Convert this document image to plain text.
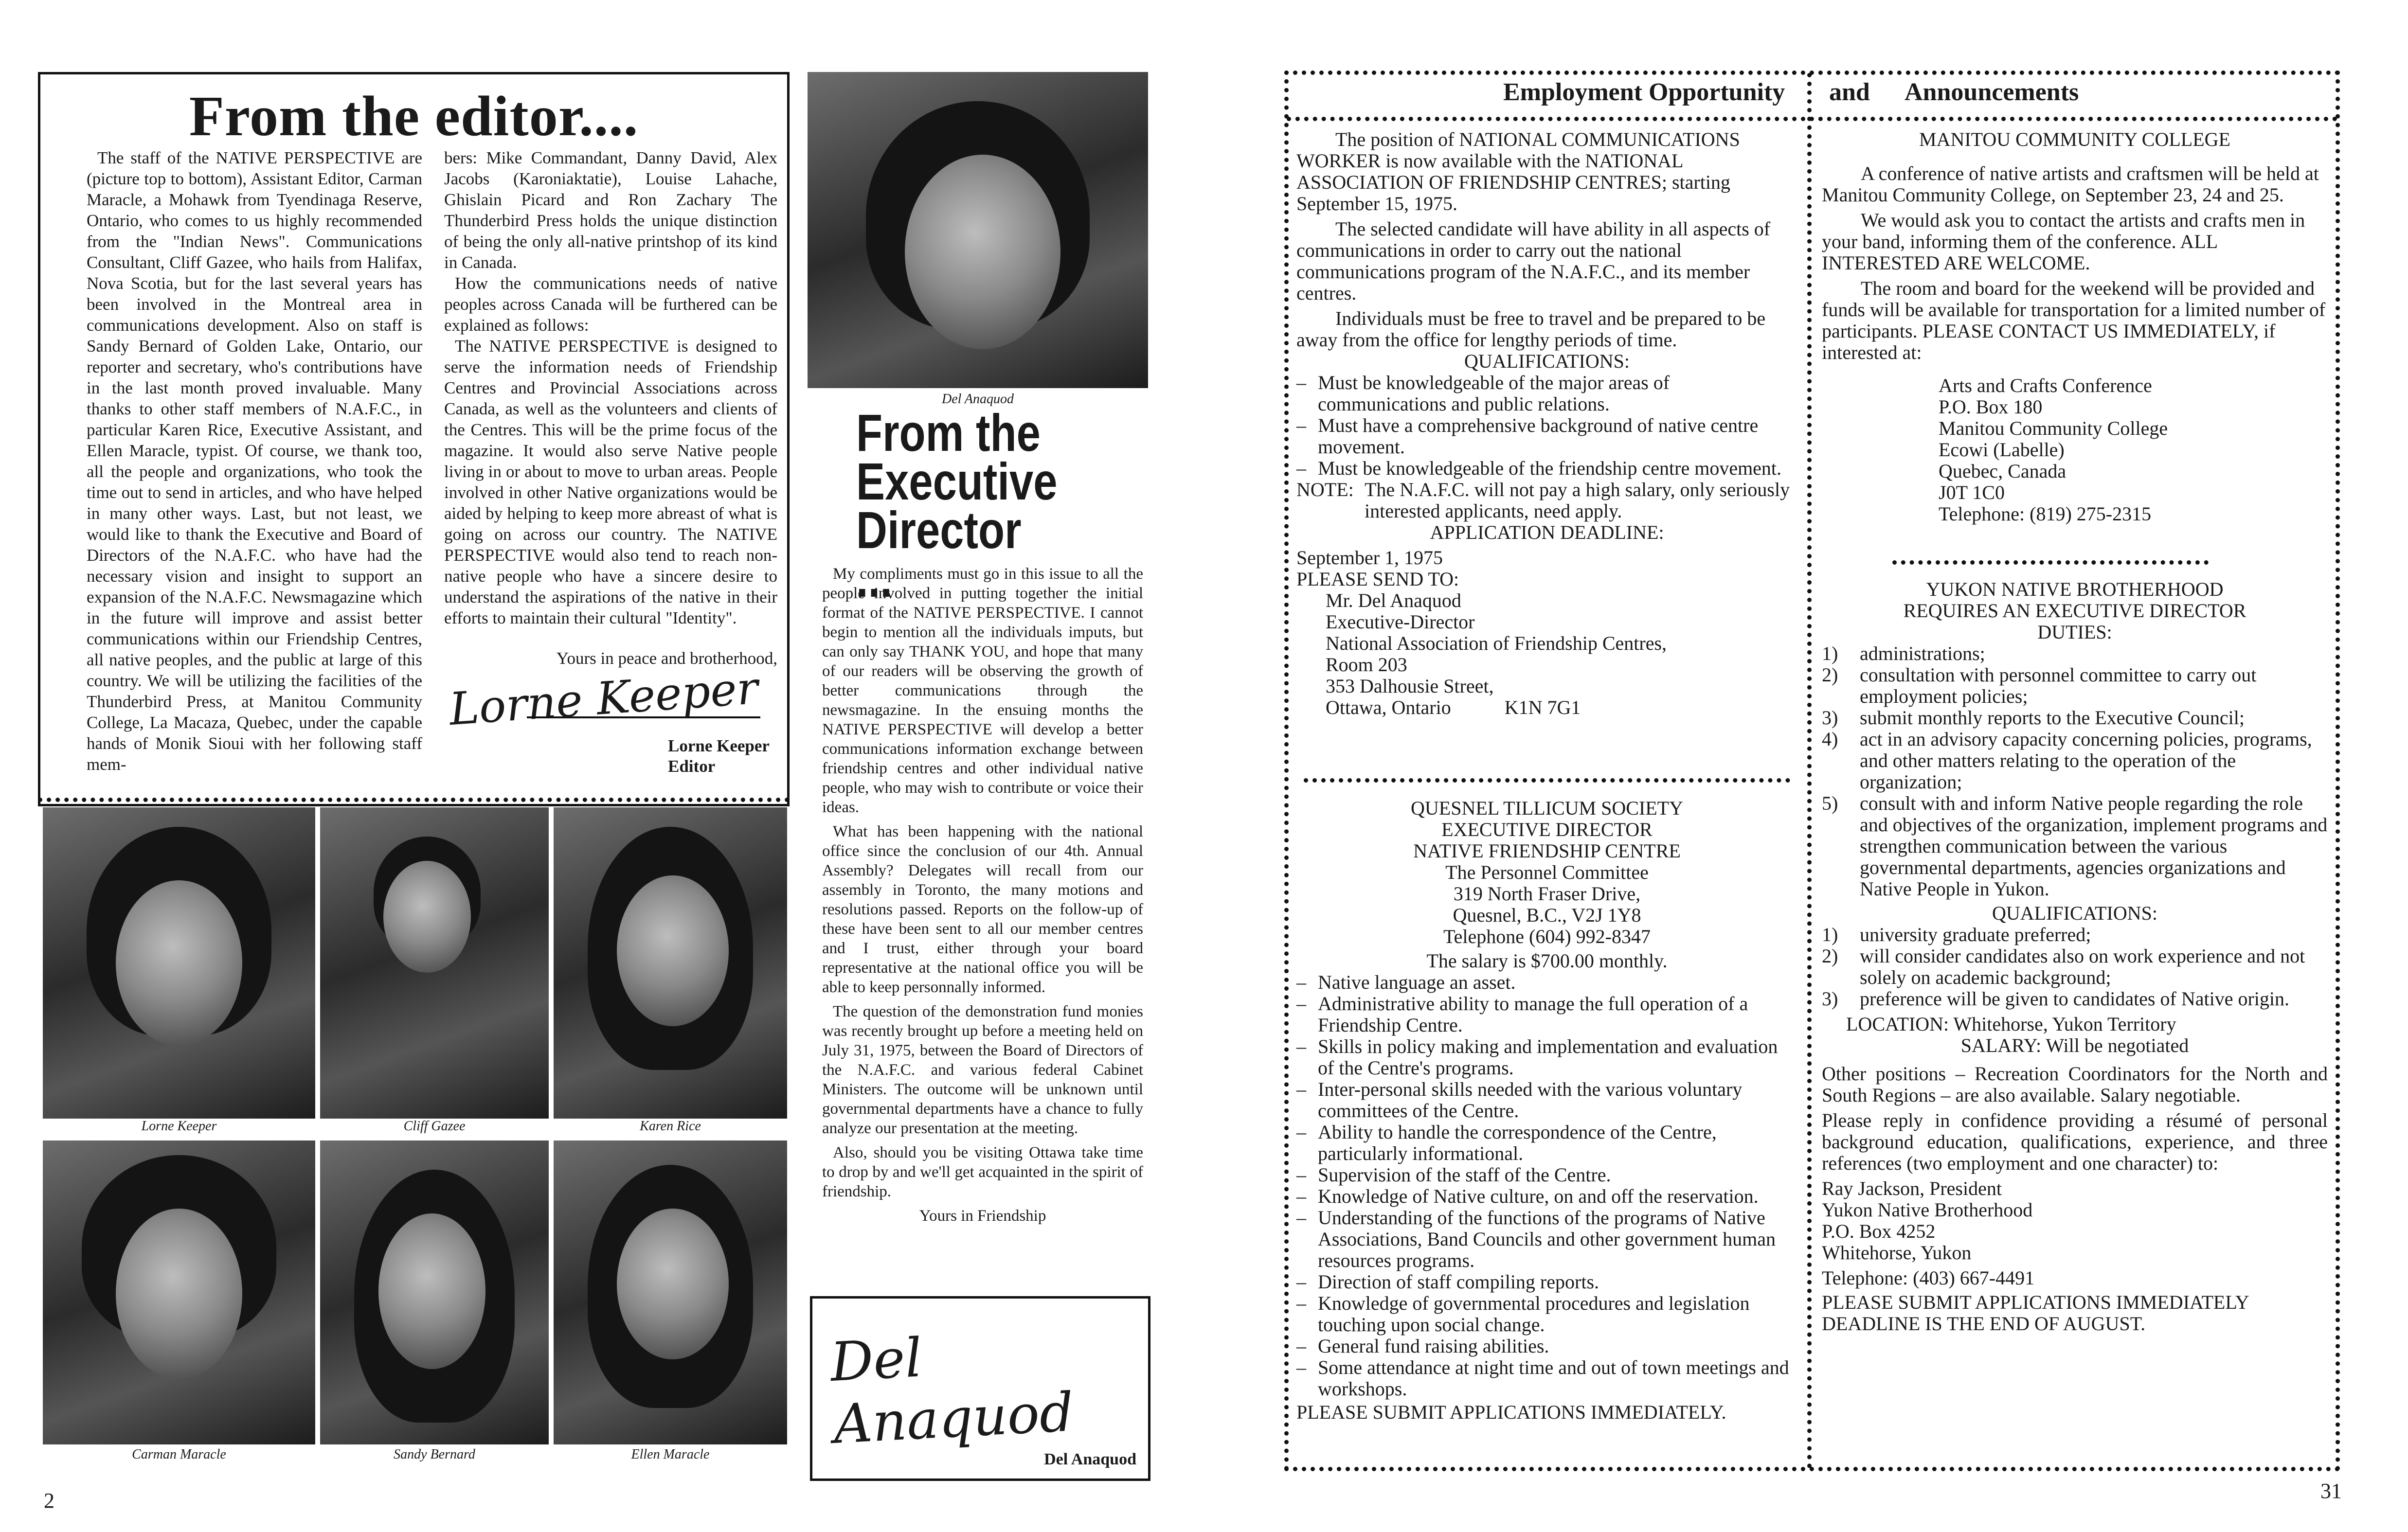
From the editor....

The staff of the NATIVE PERSPECTIVE are (picture top to bottom), Assistant Editor, Carman Maracle, a Mohawk from Tyendinaga Reserve, Ontario, who comes to us highly recommended from the "Indian News". Communications Consultant, Cliff Gazee, who hails from Halifax, Nova Scotia, but for the last several years has been involved in the Montreal area in communications development. Also on staff is Sandy Bernard of Golden Lake, Ontario, our reporter and secretary, who's contributions have in the last month proved invaluable. Many thanks to other staff members of N.A.F.C., in particular Karen Rice, Executive Assistant, and Ellen Maracle, typist. Of course, we thank too, all the people and organizations, who took the time out to send in articles, and who have helped in many other ways. Last, but not least, we would like to thank the Executive and Board of Directors of the N.A.F.C. who have had the necessary vision and insight to support an expansion of the N.A.F.C. Newsmagazine which in the future will improve and assist better communications within our Friendship Centres, all native peoples, and the public at large of this country. We will be utilizing the facilities of the Thunderbird Press, at Manitou Community College, La Macaza, Quebec, under the capable hands of Monik Sioui with her following staff mem-

bers: Mike Commandant, Danny David, Alex Jacobs (Karoniaktatie), Louise Lahache, Ghislain Picard and Ron Zachary The Thunderbird Press holds the unique distinction of being the only all-native printshop of its kind in Canada.

How the communications needs of native peoples across Canada will be furthered can be explained as follows:

The NATIVE PERSPECTIVE is designed to serve the information needs of Friendship Centres and Provincial Associations across Canada, as well as the volunteers and clients of the Centres. This will be the prime focus of the magazine. It would also serve Native people living in or about to move to urban areas. People involved in other Native organizations would be aided by helping to keep more abreast of what is going on across our country. The NATIVE PERSPECTIVE would also tend to reach non-native people who have a sincere desire to understand the aspirations of the native in their efforts to maintain their cultural "Identity".

Yours in peace and brotherhood,

Lorne Keeper
Lorne Keeper
Editor
Lorne Keeper	Cliff Gazee	Karen Rice
Carman Maracle	Sandy Bernard	Ellen Maracle
Del Anaquod
From the
Executive
Director ...

My compliments must go in this issue to all the people involved in putting together the initial format of the NATIVE PERSPECTIVE. I cannot begin to mention all the individuals imputs, but can only say THANK YOU, and hope that many of our readers will be observing the growth of better communications through the newsmagazine. In the ensuing months the NATIVE PERSPECTIVE will develop a better communications information exchange between friendship centres and other individual native people, who may wish to contribute or voice their ideas.

What has been happening with the national office since the conclusion of our 4th. Annual Assembly? Delegates will recall from our assembly in Toronto, the many motions and resolutions passed. Reports on the follow-up of these have been sent to all our member centres and I trust, either through your board representative at the national office you will be able to keep personnally informed.

The question of the demonstration fund monies was recently brought up before a meeting held on July 31, 1975, between the Board of Directors of the N.A.F.C. and various federal Cabinet Ministers. The outcome will be unknown until governmental departments have a chance to fully analyze our presentation at the meeting.

Also, should you be visiting Ottawa take time to drop by and we'll get acquainted in the spirit of friendship.

Yours in Friendship

Del Anaquod
Del Anaquod
2
Employment Opportunity and Announcements

The position of NATIONAL COMMUNICATIONS WORKER is now available with the NATIONAL ASSOCIATION OF FRIENDSHIP CENTRES; starting September 15, 1975.

The selected candidate will have ability in all aspects of communications in order to carry out the national communications program of the N.A.F.C., and its member centres.

Individuals must be free to travel and be prepared to be away from the office for lengthy periods of time.

QUALIFICATIONS:

– Must be knowledgeable of the major areas of communications and public relations.
– Must have a comprehensive background of native centre movement.
– Must be knowledgeable of the friendship centre movement.
NOTE: The N.A.F.C. will not pay a high salary, only seriously interested applicants, need apply.

APPLICATION DEADLINE:

September 1, 1975

PLEASE SEND TO:

Mr. Del Anaquod
Executive-Director
National Association of Friendship Centres,
Room 203
353 Dalhousie Street,
Ottawa, Ontario	K1N 7G1
QUESNEL TILLICUM SOCIETY
EXECUTIVE DIRECTOR
NATIVE FRIENDSHIP CENTRE
The Personnel Committee
319 North Fraser Drive,
Quesnel, B.C., V2J 1Y8
Telephone (604) 992-8347
The salary is $700.00 monthly.
– Native language an asset.
– Administrative ability to manage the full operation of a Friendship Centre.
– Skills in policy making and implementation and evaluation of the Centre's programs.
– Inter-personal skills needed with the various voluntary committees of the Centre.
– Ability to handle the correspondence of the Centre, particularly informational.
– Supervision of the staff of the Centre.
– Knowledge of Native culture, on and off the reservation.
– Understanding of the functions of the programs of Native Associations, Band Councils and other government human resources programs.
– Direction of staff compiling reports.
– Knowledge of governmental procedures and legislation touching upon social change.
– General fund raising abilities.
– Some attendance at night time and out of town meetings and workshops.

PLEASE SUBMIT APPLICATIONS IMMEDIATELY.

MANITOU COMMUNITY COLLEGE

A conference of native artists and craftsmen will be held at Manitou Community College, on September 23, 24 and 25.

We would ask you to contact the artists and crafts men in your band, informing them of the conference. ALL INTERESTED ARE WELCOME.

The room and board for the weekend will be provided and funds will be available for transportation for a limited number of participants. PLEASE CONTACT US IMMEDIATELY, if interested at:

Arts and Crafts Conference
P.O. Box 180
Manitou Community College
Ecowi (Labelle)
Quebec, Canada
J0T 1C0
Telephone: (819) 275-2315

YUKON NATIVE BROTHERHOOD

REQUIRES AN EXECUTIVE DIRECTOR

DUTIES:

1)	administrations;
2)	consultation with personnel committee to carry out employment policies;
3)	submit monthly reports to the Executive Council;
4)	act in an advisory capacity concerning policies, programs, and other matters relating to the operation of the organization;
5)	consult with and inform Native people regarding the role and objectives of the organization, implement programs and strengthen communication between the various governmental departments, agencies organizations and Native People in Yukon.

QUALIFICATIONS:

1)	university graduate preferred;
2)	will consider candidates also on work experience and not solely on academic background;
3)	preference will be given to candidates of Native origin.

LOCATION: Whitehorse, Yukon Territory

SALARY: Will be negotiated

Other positions – Recreation Coordinators for the North and South Regions – are also available. Salary negotiable.

Please reply in confidence providing a résumé of personal background education, qualifications, experience, and three references (two employment and one character) to:

Ray Jackson, President
Yukon Native Brotherhood
P.O. Box 4252
Whitehorse, Yukon

Telephone: (403) 667-4491

PLEASE SUBMIT APPLICATIONS IMMEDIATELY

DEADLINE IS THE END OF AUGUST.

31
